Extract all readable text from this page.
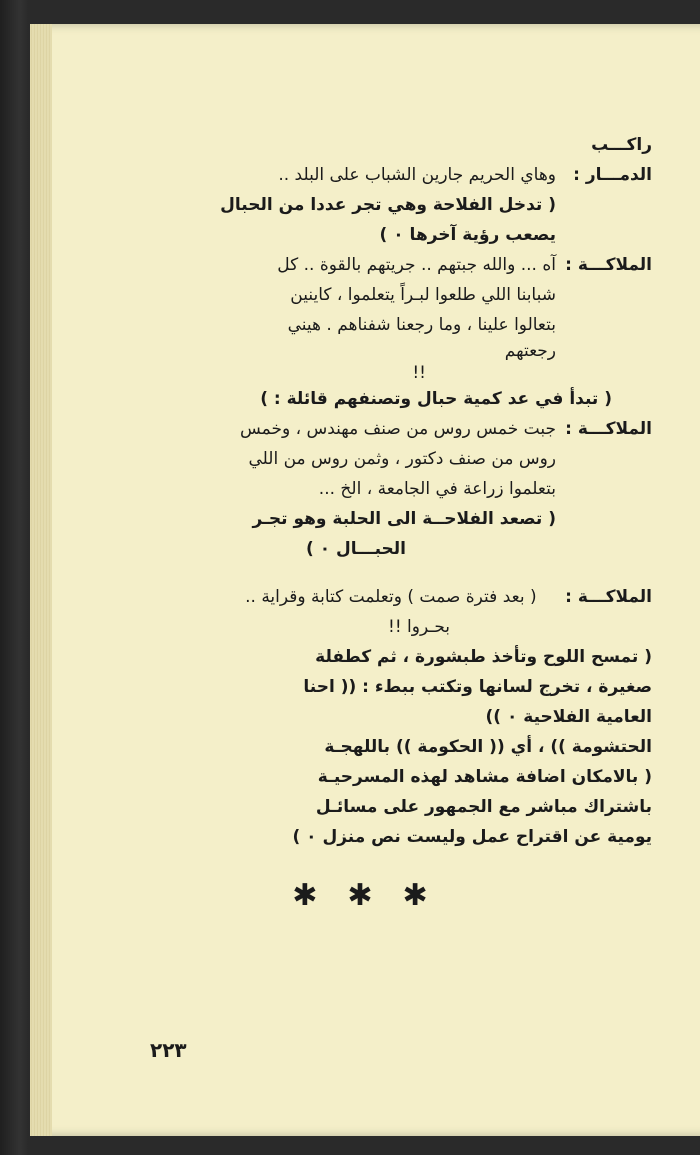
راكـــب
الدمـــار :
وهاي الحريم جارين الشباب على البلد ..
( تدخل الفلاحة وهي تجر عددا من الحبال
يصعب رؤية آخرها ٠ )
الملاكـــة :
آه ... والله جبتهم .. جريتهم بالقوة .. كل
شبابنا اللي طلعوا لبـراً يتعلموا ، كاينين
بتعالوا علينا ، وما رجعنا شفناهم . هيني
رجعتهم
!!
( تبدأ في عد كمية حبال وتصنفهم قائلة : )
الملاكـــة :
جبت خمس روس من صنف مهندس ، وخمس
روس من صنف دكتور ، وثمن روس من اللي
بتعلموا زراعة في الجامعة ، الخ ...
( تصعد الفلاحــة الى الحلبة وهو تجـر
الحبـــال ٠ )
الملاكـــة : ( بعد فترة صمت ) وتعلمت كتابة وقراية ..
بحـروا !!
( تمسح اللوح وتأخذ طبشورة ، ثم كطفلة
صغيرة ، تخرج لسانها وتكتب ببطء : (( احنا
العامية الفلاحية ٠ ))
الحتشومة )) ، أي (( الحكومة )) باللهجـة
( بالامكان اضافة مشاهد لهذه المسرحيـة
باشتراك مباشر مع الجمهور على مسائـل
يومية عن اقتراح عمل وليست نص منزل ٠ )
✱✱✱
٢٢٣
